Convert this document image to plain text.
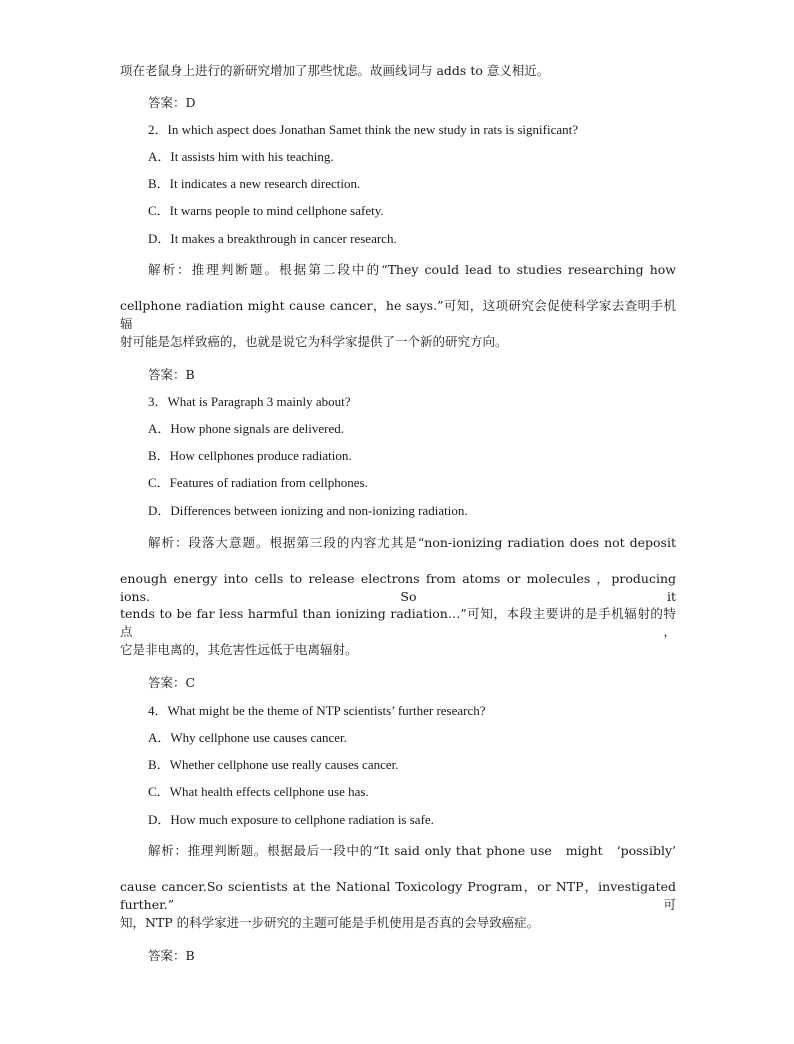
项在老鼠身上进行的新研究增加了那些忧虑。故画线词与 adds to 意义相近。
答案：D
2．In which aspect does Jonathan Samet think the new study in rats is significant?
A．It assists him with his teaching.
B．It indicates a new research direction.
C．It warns people to mind cellphone safety.
D．It makes a breakthrough in cancer research.
解析：推理判断题。根据第二段中的“They could lead to studies researching how
cellphone radiation might cause cancer，he says.”可知，这项研究会促使科学家去查明手机辐
射可能是怎样致癌的，也就是说它为科学家提供了一个新的研究方向。
答案：B
3．What is Paragraph 3 mainly about?
A．How phone signals are delivered.
B．How cellphones produce radiation.
C．Features of radiation from cellphones.
D．Differences between ionizing and non-ionizing radiation.
解析：段落大意题。根据第三段的内容尤其是“non-ionizing radiation does not deposit
enough energy into cells to release electrons from atoms or molecules ，producing ions. So it
tends to be far less harmful than ionizing radiation…”可知，本段主要讲的是手机辐射的特点，
它是非电离的，其危害性远低于电离辐射。
答案：C
4．What might be the theme of NTP scientists’ further research?
A．Why cellphone use causes cancer.
B．Whether cellphone use really causes cancer.
C．What health effects cellphone use has.
D．How much exposure to cellphone radiation is safe.
解析：推理判断题。根据最后一段中的“It said only that phone use　might　‘possibly’
cause cancer.So scientists at the National Toxicology Program，or NTP，investigated further.”可
知，NTP 的科学家进一步研究的主题可能是手机使用是否真的会导致癌症。
答案：B
